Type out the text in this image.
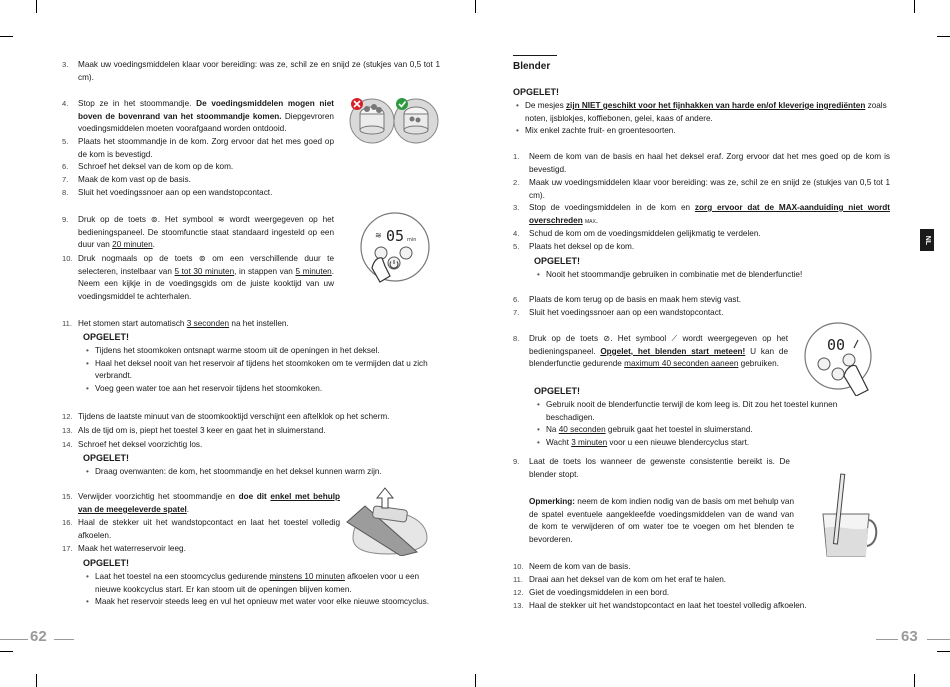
3.	Maak uw voedingsmiddelen klaar voor bereiding: was ze, schil ze en snijd ze (stukjes van 0,5 tot 1 cm).
4.	Stop ze in het stoommandje. De voedingsmiddelen mogen niet boven de bovenrand van het stoommandje komen. Diepgevroren voedingsmiddelen moeten voorafgaand worden ontdooid.
5.	Plaats het stoommandje in de kom. Zorg ervoor dat het mes goed op de kom is bevestigd.
6.	Schroef het deksel van de kom op de kom.
7.	Maak de kom vast op de basis.
8.	Sluit het voedingssnoer aan op een wandstopcontact.
9.	Druk op de toets ⊚. Het symbool ≋ wordt weergegeven op het bedieningspaneel. De stoomfunctie staat standaard ingesteld op een duur van 20 minuten.
10. Druk nogmaals op de toets ⊚ om een verschillende duur te selecteren, instelbaar van 5 tot 30 minuten, in stappen van 5 minuten. Neem een kijkje in de voedingsgids om de juiste kooktijd van uw voedingsmiddel te achterhalen.
≋ 05 min
11. Het stomen start automatisch 3 seconden na het instellen.
OPGELET!
• Tijdens het stoomkoken ontsnapt warme stoom uit de openingen in het deksel.
• Haal het deksel nooit van het reservoir af tijdens het stoomkoken om te vermijden dat u zich verbrandt.
• Voeg geen water toe aan het reservoir tijdens het stoomkoken.
12. Tijdens de laatste minuut van de stoomkooktijd verschijnt een aftelklok op het scherm.
13. Als de tijd om is, piept het toestel 3 keer en gaat het in sluimerstand.
14. Schroef het deksel voorzichtig los.
OPGELET!
• Draag ovenwanten: de kom, het stoommandje en het deksel kunnen warm zijn.
15. Verwijder voorzichtig het stoommandje en doe dit enkel met behulp van de meegeleverde spatel.
16. Haal de stekker uit het wandstopcontact en laat het toestel volledig afkoelen.
17. Maak het waterreservoir leeg.
OPGELET!
• Laat het toestel na een stoomcyclus gedurende minstens 10 minuten afkoelen voor u een nieuwe kookcyclus start. Er kan stoom uit de openingen blijven komen.
• Maak het reservoir steeds leeg en vul het opnieuw met water voor elke nieuwe stoomcyclus.
62
Blender
OPGELET!
• De mesjes zijn NIET geschikt voor het fijnhakken van harde en/of kleverige ingrediënten zoals noten, ijsblokjes, koffiebonen, gelei, kaas of andere.
• Mix enkel zachte fruit- en groentesoorten.
1.	Neem de kom van de basis en haal het deksel eraf. Zorg ervoor dat het mes goed op de kom is bevestigd.
2.	Maak uw voedingsmiddelen klaar voor bereiding: was ze, schil ze en snijd ze (stukjes van 0,5 tot 1 cm).
3.	Stop de voedingsmiddelen in de kom en zorg ervoor dat de MAX-aanduiding niet wordt overschreden MAX.
4.	Schud de kom om de voedingsmiddelen gelijkmatig te verdelen.
5.	Plaats het deksel op de kom.
OPGELET!
• Nooit het stoommandje gebruiken in combinatie met de blenderfunctie!
6.	Plaats de kom terug op de basis en maak hem stevig vast.
7.	Sluit het voedingssnoer aan op een wandstopcontact.
8.	Druk op de toets ⊘. Het symbool ⟋ wordt weergegeven op het bedieningspaneel. Opgelet, het blenden start meteen! U kan de blenderfunctie gedurende maximum 40 seconden aaneen gebruiken.
00
OPGELET!
• Gebruik nooit de blenderfunctie terwijl de kom leeg is. Dit zou het toestel kunnen beschadigen.
• Na 40 seconden gebruik gaat het toestel in sluimerstand.
• Wacht 3 minuten voor u een nieuwe blendercyclus start.
9.	Laat de toets los wanneer de gewenste consistentie bereikt is. De blender stopt.
Opmerking: neem de kom indien nodig van de basis om met behulp van de spatel eventuele aangekleefde voedingsmiddelen van de wand van de kom te verwijderen of om water toe te voegen om het blenden te bevorderen.
10. Neem de kom van de basis.
11. Draai aan het deksel van de kom om het eraf te halen.
12. Giet de voedingsmiddelen in een bord.
13. Haal de stekker uit het wandstopcontact en laat het toestel volledig afkoelen.
63
NL
